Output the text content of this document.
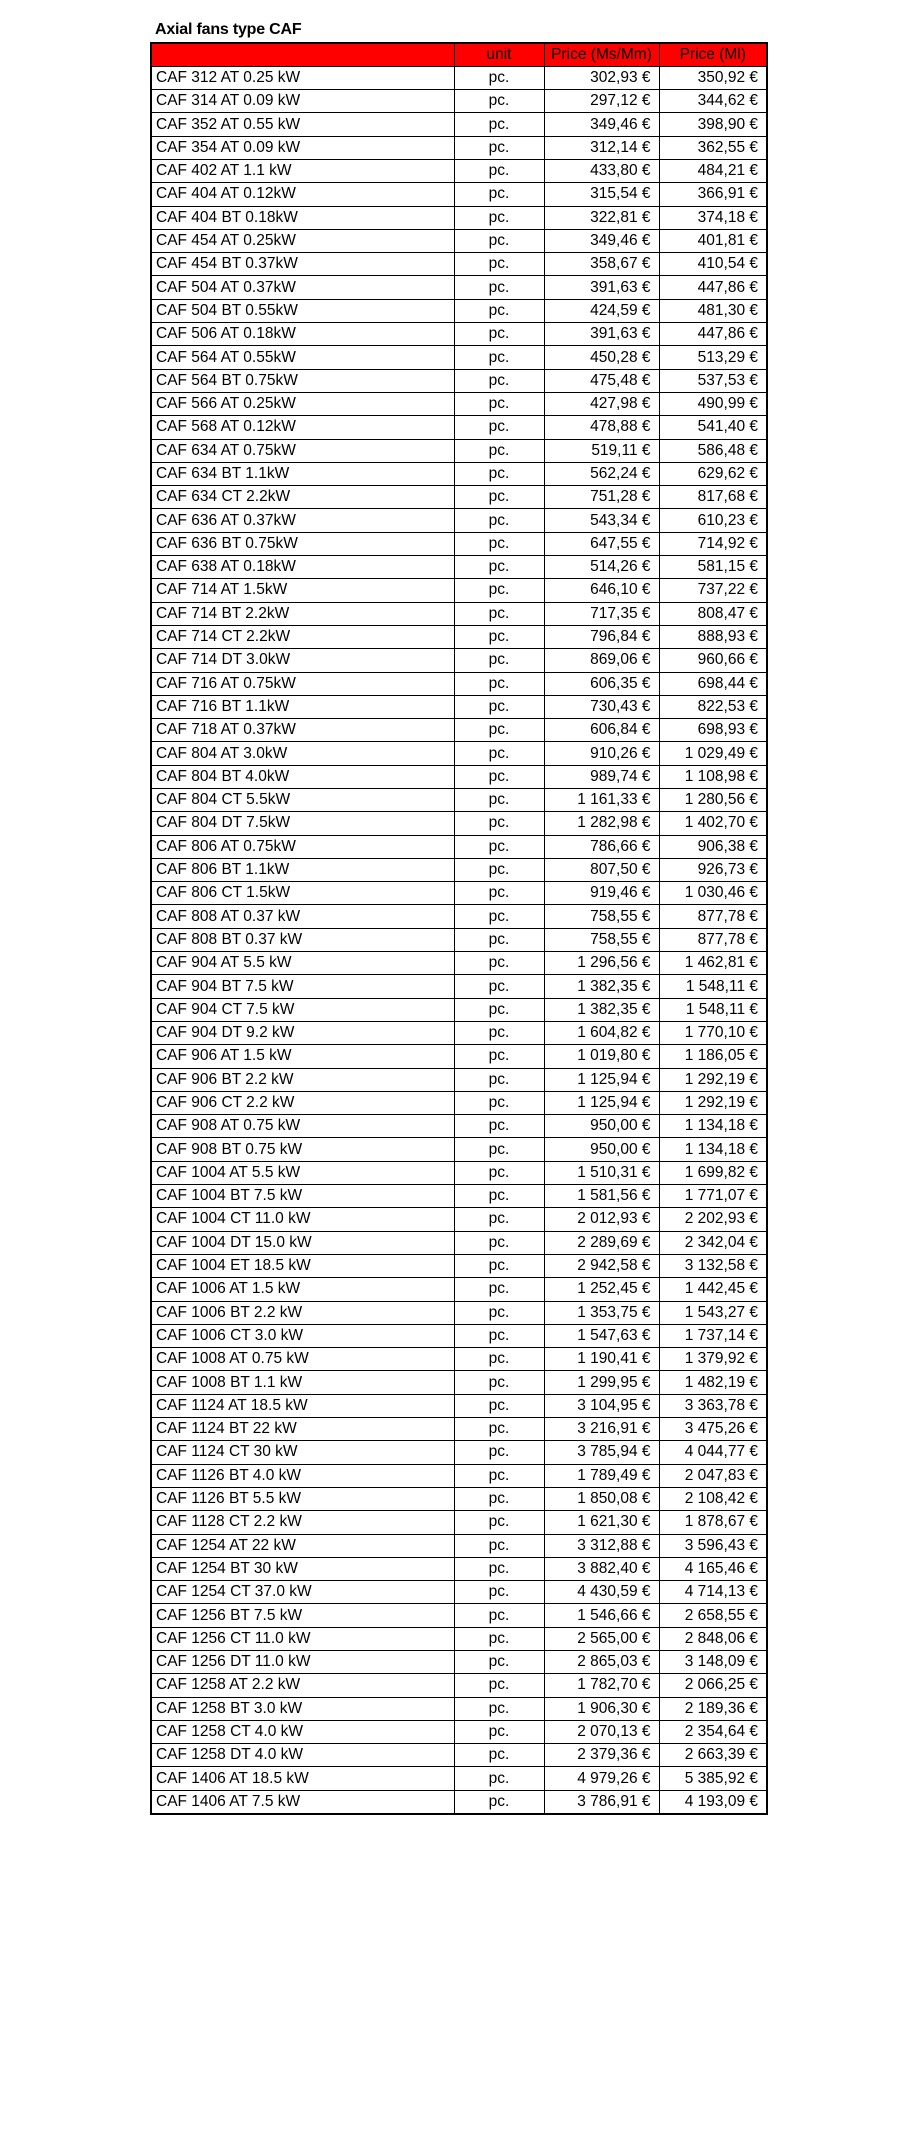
Axial fans type CAF
	unit	Price (Ms/Mm)	Price (Ml)
CAF 312 AT 0.25 kW	pc.	302,93 €	350,92 €
CAF 314 AT 0.09 kW	pc.	297,12 €	344,62 €
CAF 352 AT 0.55 kW	pc.	349,46 €	398,90 €
CAF 354 AT 0.09 kW	pc.	312,14 €	362,55 €
CAF 402 AT 1.1 kW	pc.	433,80 €	484,21 €
CAF 404 AT 0.12kW	pc.	315,54 €	366,91 €
CAF 404 BT 0.18kW	pc.	322,81 €	374,18 €
CAF 454 AT 0.25kW	pc.	349,46 €	401,81 €
CAF 454 BT 0.37kW	pc.	358,67 €	410,54 €
CAF 504 AT 0.37kW	pc.	391,63 €	447,86 €
CAF 504 BT 0.55kW	pc.	424,59 €	481,30 €
CAF 506 AT 0.18kW	pc.	391,63 €	447,86 €
CAF 564 AT 0.55kW	pc.	450,28 €	513,29 €
CAF 564 BT 0.75kW	pc.	475,48 €	537,53 €
CAF 566 AT 0.25kW	pc.	427,98 €	490,99 €
CAF 568 AT 0.12kW	pc.	478,88 €	541,40 €
CAF 634 AT 0.75kW	pc.	519,11 €	586,48 €
CAF 634 BT 1.1kW	pc.	562,24 €	629,62 €
CAF 634 CT 2.2kW	pc.	751,28 €	817,68 €
CAF 636 AT 0.37kW	pc.	543,34 €	610,23 €
CAF 636 BT 0.75kW	pc.	647,55 €	714,92 €
CAF 638 AT 0.18kW	pc.	514,26 €	581,15 €
CAF 714 AT 1.5kW	pc.	646,10 €	737,22 €
CAF 714 BT 2.2kW	pc.	717,35 €	808,47 €
CAF 714 CT 2.2kW	pc.	796,84 €	888,93 €
CAF 714 DT 3.0kW	pc.	869,06 €	960,66 €
CAF 716 AT 0.75kW	pc.	606,35 €	698,44 €
CAF 716 BT 1.1kW	pc.	730,43 €	822,53 €
CAF 718 AT 0.37kW	pc.	606,84 €	698,93 €
CAF 804 AT 3.0kW	pc.	910,26 €	1 029,49 €
CAF 804 BT 4.0kW	pc.	989,74 €	1 108,98 €
CAF 804 CT 5.5kW	pc.	1 161,33 €	1 280,56 €
CAF 804 DT 7.5kW	pc.	1 282,98 €	1 402,70 €
CAF 806 AT 0.75kW	pc.	786,66 €	906,38 €
CAF 806 BT 1.1kW	pc.	807,50 €	926,73 €
CAF 806 CT 1.5kW	pc.	919,46 €	1 030,46 €
CAF 808 AT 0.37 kW	pc.	758,55 €	877,78 €
CAF 808 BT 0.37 kW	pc.	758,55 €	877,78 €
CAF 904 AT 5.5 kW	pc.	1 296,56 €	1 462,81 €
CAF 904 BT 7.5 kW	pc.	1 382,35 €	1 548,11 €
CAF 904 CT 7.5 kW	pc.	1 382,35 €	1 548,11 €
CAF 904 DT 9.2 kW	pc.	1 604,82 €	1 770,10 €
CAF 906 AT 1.5 kW	pc.	1 019,80 €	1 186,05 €
CAF 906 BT 2.2 kW	pc.	1 125,94 €	1 292,19 €
CAF 906 CT 2.2 kW	pc.	1 125,94 €	1 292,19 €
CAF 908 AT 0.75 kW	pc.	950,00 €	1 134,18 €
CAF 908 BT 0.75 kW	pc.	950,00 €	1 134,18 €
CAF 1004 AT 5.5 kW	pc.	1 510,31 €	1 699,82 €
CAF 1004 BT 7.5 kW	pc.	1 581,56 €	1 771,07 €
CAF 1004 CT 11.0 kW	pc.	2 012,93 €	2 202,93 €
CAF 1004 DT 15.0 kW	pc.	2 289,69 €	2 342,04 €
CAF 1004 ET 18.5 kW	pc.	2 942,58 €	3 132,58 €
CAF 1006 AT 1.5 kW	pc.	1 252,45 €	1 442,45 €
CAF 1006 BT 2.2 kW	pc.	1 353,75 €	1 543,27 €
CAF 1006 CT 3.0 kW	pc.	1 547,63 €	1 737,14 €
CAF 1008 AT 0.75 kW	pc.	1 190,41 €	1 379,92 €
CAF 1008 BT 1.1 kW	pc.	1 299,95 €	1 482,19 €
CAF 1124 AT 18.5 kW	pc.	3 104,95 €	3 363,78 €
CAF 1124 BT 22 kW	pc.	3 216,91 €	3 475,26 €
CAF 1124 CT 30 kW	pc.	3 785,94 €	4 044,77 €
CAF 1126 BT 4.0 kW	pc.	1 789,49 €	2 047,83 €
CAF 1126 BT 5.5 kW	pc.	1 850,08 €	2 108,42 €
CAF 1128 CT 2.2 kW	pc.	1 621,30 €	1 878,67 €
CAF 1254 AT 22 kW	pc.	3 312,88 €	3 596,43 €
CAF 1254 BT 30 kW	pc.	3 882,40 €	4 165,46 €
CAF 1254 CT 37.0 kW	pc.	4 430,59 €	4 714,13 €
CAF 1256 BT 7.5 kW	pc.	1 546,66 €	2 658,55 €
CAF 1256 CT 11.0 kW	pc.	2 565,00 €	2 848,06 €
CAF 1256 DT 11.0 kW	pc.	2 865,03 €	3 148,09 €
CAF 1258 AT 2.2 kW	pc.	1 782,70 €	2 066,25 €
CAF 1258 BT 3.0 kW	pc.	1 906,30 €	2 189,36 €
CAF 1258 CT 4.0 kW	pc.	2 070,13 €	2 354,64 €
CAF 1258 DT 4.0 kW	pc.	2 379,36 €	2 663,39 €
CAF 1406 AT 18.5 kW	pc.	4 979,26 €	5 385,92 €
CAF 1406 AT 7.5 kW	pc.	3 786,91 €	4 193,09 €
